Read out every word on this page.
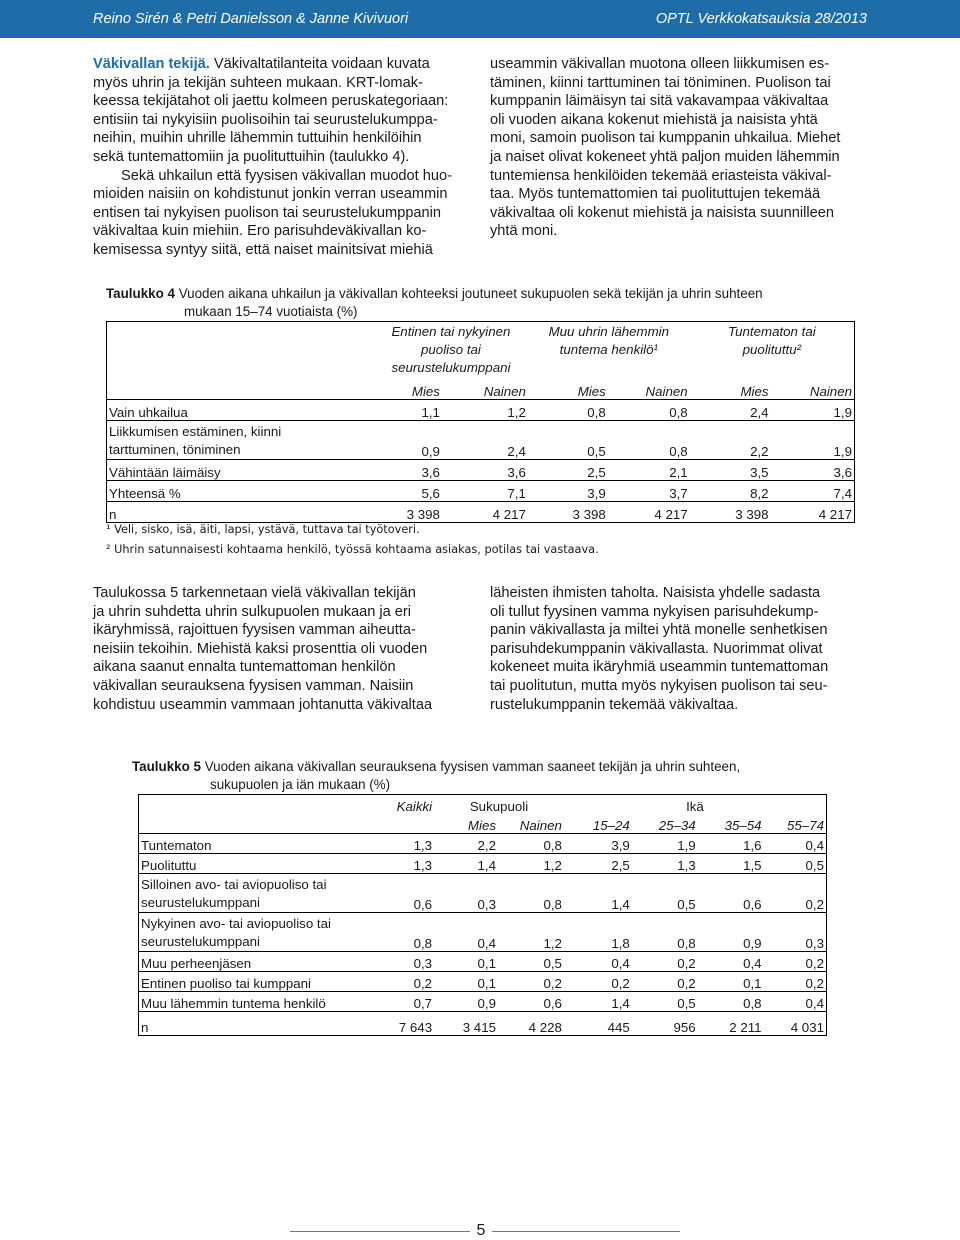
Reino Sirén & Petri Danielsson & Janne Kivivuori	OPTL Verkkokatsauksia 28/2013

Väkivallan tekijä. Väkivaltatilanteita voidaan kuvata
myös uhrin ja tekijän suhteen mukaan. KRT-lomak-
keessa tekijätahot oli jaettu kolmeen peruskategoriaan:
entisiin tai nykyisiin puolisoihin tai seurustelukumppa-
neihin, muihin uhrille lähemmin tuttuihin henkilöihin
sekä tuntemattomiin ja puolituttuihin (taulukko 4).

Sekä uhkailun että fyysisen väkivallan muodot huo-
mioiden naisiin on kohdistunut jonkin verran useammin
entisen tai nykyisen puolison tai seurustelukumppanin
väkivaltaa kuin miehiin. Ero parisuhdeväkivallan ko-
kemisessa syntyy siitä, että naiset mainitsivat miehiä

useammin väkivallan muotona olleen liikkumisen es-
täminen, kiinni tarttuminen tai töniminen. Puolison tai
kumppanin läimäisyn tai sitä vakavampaa väkivaltaa
oli vuoden aikana kokenut miehistä ja naisista yhtä
moni, samoin puolison tai kumppanin uhkailua. Miehet
ja naiset olivat kokeneet yhtä paljon muiden lähemmin
tuntemiensa henkilöiden tekemää eriasteista väkival-
taa. Myös tuntemattomien tai puolituttujen tekemää
väkivaltaa oli kokenut miehistä ja naisista suunnilleen
yhtä moni.

Taulukko 4 Vuoden aikana uhkailun ja väkivallan kohteeksi joutuneet sukupuolen sekä tekijän ja uhrin suhteen
mukaan 15–74 vuotiaista (%)
	Entinen tai nykyinen
puoliso tai
seurustelukumppani		Muu uhrin lähemmin
tuntema henkilö¹		Tuntematon tai
puolituttu²	
	Mies	Nainen	Mies	Nainen	Mies	Nainen
Vain uhkailua	1,1	1,2	0,8	0,8	2,4	1,9
Liikkumisen estäminen, kiinni
tarttuminen, töniminen	0,9	2,4	0,5	0,8	2,2	1,9
Vähintään läimäisy	3,6	3,6	2,5	2,1	3,5	3,6
Yhteensä %	5,6	7,1	3,9	3,7	8,2	7,4
n	3 398	4 217	3 398	4 217	3 398	4 217
¹ Veli, sisko, isä, äiti, lapsi, ystävä, tuttava tai työtoveri.
² Uhrin satunnaisesti kohtaama henkilö, työssä kohtaama asiakas, potilas tai vastaava.

Taulukossa 5 tarkennetaan vielä väkivallan tekijän
ja uhrin suhdetta uhrin sulkupuolen mukaan ja eri
ikäryhmissä, rajoittuen fyysisen vamman aiheutta-
neisiin tekoihin. Miehistä kaksi prosenttia oli vuoden
aikana saanut ennalta tuntemattoman henkilön
väkivallan seurauksena fyysisen vamman. Naisiin
kohdistuu useammin vammaan johtanutta väkivaltaa

läheisten ihmisten taholta. Naisista yhdelle sadasta
oli tullut fyysinen vamma nykyisen parisuhdekump-
panin väkivallasta ja miltei yhtä monelle senhetkisen
parisuhdekumppanin väkivallasta. Nuorimmat olivat
kokeneet muita ikäryhmiä useammin tuntemattoman
tai puolitutun, mutta myös nykyisen puolison tai seu-
rustelukumppanin tekemää väkivaltaa.

Taulukko 5 Vuoden aikana väkivallan seurauksena fyysisen vamman saaneet tekijän ja uhrin suhteen,
sukupuolen ja iän mukaan (%)
	Kaikki	Sukupuoli		Ikä			
		Mies	Nainen	15–24	25–34	35–54	55–74
Tuntematon	1,3	2,2	0,8	3,9	1,9	1,6	0,4
Puolituttu	1,3	1,4	1,2	2,5	1,3	1,5	0,5
Silloinen avo- tai aviopuoliso tai
seurustelukumppani	0,6	0,3	0,8	1,4	0,5	0,6	0,2
Nykyinen avo- tai aviopuoliso tai
seurustelukumppani	0,8	0,4	1,2	1,8	0,8	0,9	0,3
Muu perheenjäsen	0,3	0,1	0,5	0,4	0,2	0,4	0,2
Entinen puoliso tai kumppani	0,2	0,1	0,2	0,2	0,2	0,1	0,2
Muu lähemmin tuntema henkilö	0,7	0,9	0,6	1,4	0,5	0,8	0,4
n	7 643	3 415	4 228	445	956	2 211	4 031
5
